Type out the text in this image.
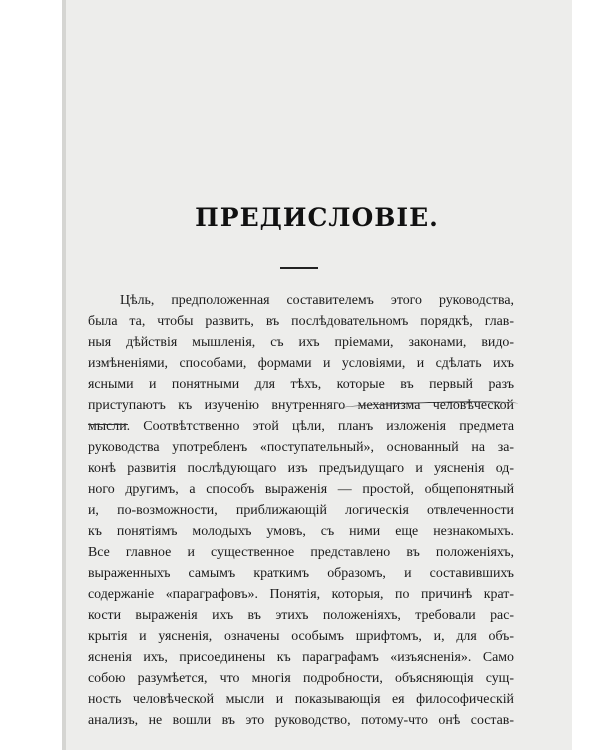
ПРЕДИСЛОВІЕ.
Цѣль, предположенная составителемъ этого руководства,
была та, чтобы развить, въ послѣдовательномъ порядкѣ, глав-
ныя дѣйствія мышленія, съ ихъ пріемами, законами, видо-
измѣненіями, способами, формами и условіями, и сдѣлать ихъ
ясными и понятными для тѣхъ, которые въ первый разъ
приступаютъ къ изученію внутренняго механизма человѣческой
мысли. Соотвѣтственно этой цѣли, планъ изложенія предмета
руководства употребленъ «поступательный», основанный на за-
конѣ развитія послѣдующаго изъ предъидущаго и уясненія од-
ного другимъ, а способъ выраженія — простой, общепонятный
и, по-возможности, приближающій логическія отвлеченности
къ понятіямъ молодыхъ умовъ, съ ними еще незнакомыхъ.
Все главное и существенное представлено въ положеніяхъ,
выраженныхъ самымъ краткимъ образомъ, и составившихъ
содержаніе «параграфовъ». Понятія, которыя, по причинѣ крат-
кости выраженія ихъ въ этихъ положеніяхъ, требовали рас-
крытія и уясненія, означены особымъ шрифтомъ, и, для объ-
ясненія ихъ, присоединены къ параграфамъ «изъясненія». Само
собою разумѣется, что многія подробности, объясняющія сущ-
ность человѣческой мысли и показывающія ея философическій
анализъ, не вошли въ это руководство, потому-что онѣ состав-
